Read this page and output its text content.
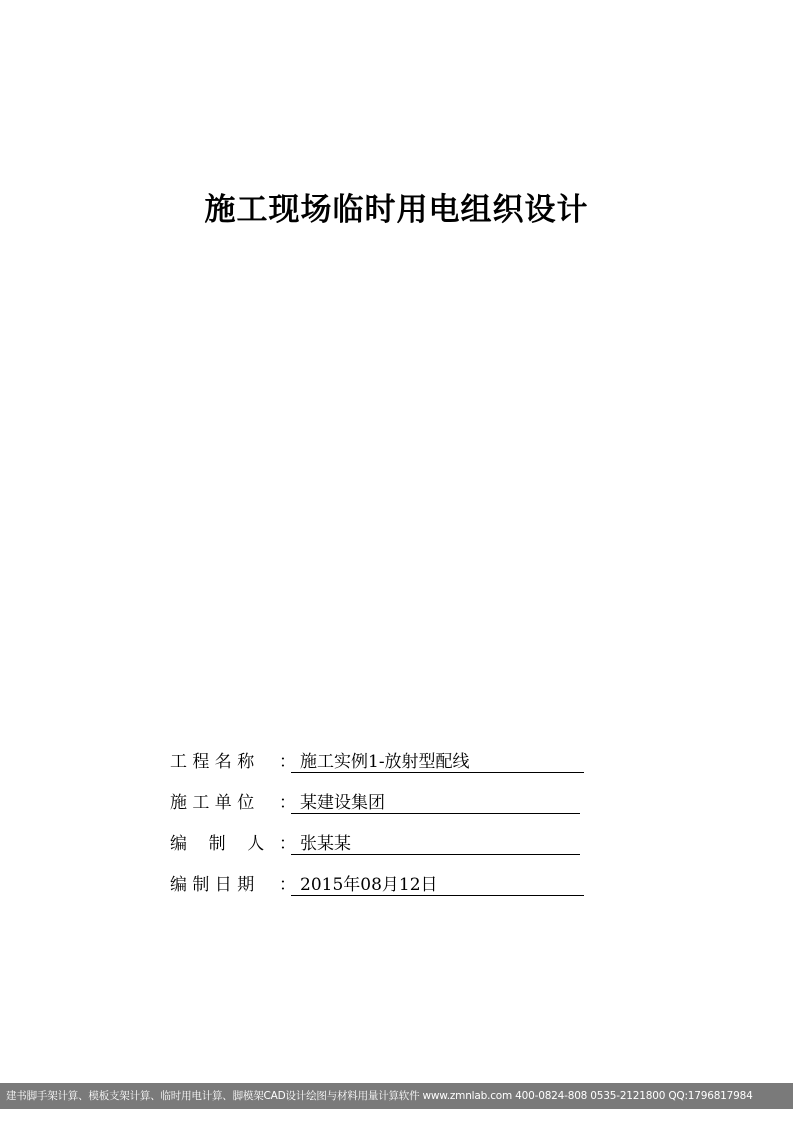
施工现场临时用电组织设计
工 程 名 称	： 施工实例1-放射型配线
施 工 单 位	： 某建设集团
编    制    人 ： 张某某
编 制 日 期	： 2015年08月12日
建书脚手架计算、模板支架计算、临时用电计算、脚模架CAD设计绘图与材料用量计算软件 www.zmnlab.com 400-0824-808 0535-2121800 QQ:1796817984
